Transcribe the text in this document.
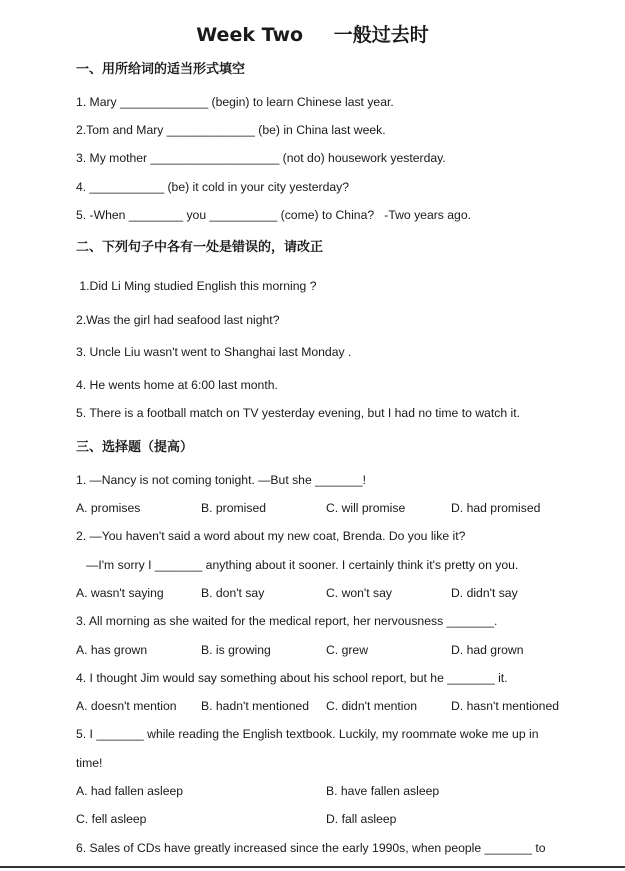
Week Two 一般过去时
一、用所给词的适当形式填空
1. Mary _____________ (begin) to learn Chinese last year.
2.Tom and Mary _____________ (be) in China last week.
3. My mother ___________________ (not do) housework yesterday.
4. ___________ (be) it cold in your city yesterday?
5. -When ________ you __________ (come) to China?   -Two years ago.
二、下列句子中各有一处是错误的，请改正
1.Did Li Ming studied English this morning ?
2.Was the girl had seafood last night?
3. Uncle Liu wasn't went to Shanghai last Monday .
4. He wents home at 6:00 last month.
5. There is a football match on TV yesterday evening, but I had no time to watch it.
三、选择题（提高）
1. —Nancy is not coming tonight. —But she _______!
A. promises	B. promised	C. will promise	D. had promised
2. —You haven't said a word about my new coat, Brenda. Do you like it?
—I'm sorry I _______ anything about it sooner. I certainly think it's pretty on you.
A. wasn't saying	B. don't say	C. won't say	D. didn't say
3. All morning as she waited for the medical report, her nervousness _______.
A. has grown	B. is growing	C. grew	D. had grown
4. I thought Jim would say something about his school report, but he _______ it.
A. doesn't mention B. hadn't mentioned C. didn't mention	D. hasn't mentioned
5. I _______ while reading the English textbook. Luckily, my roommate woke me up in
time!
A. had fallen asleep	B. have fallen asleep
C. fell asleep	D. fall asleep
6. Sales of CDs have greatly increased since the early 1990s, when people _______ to
